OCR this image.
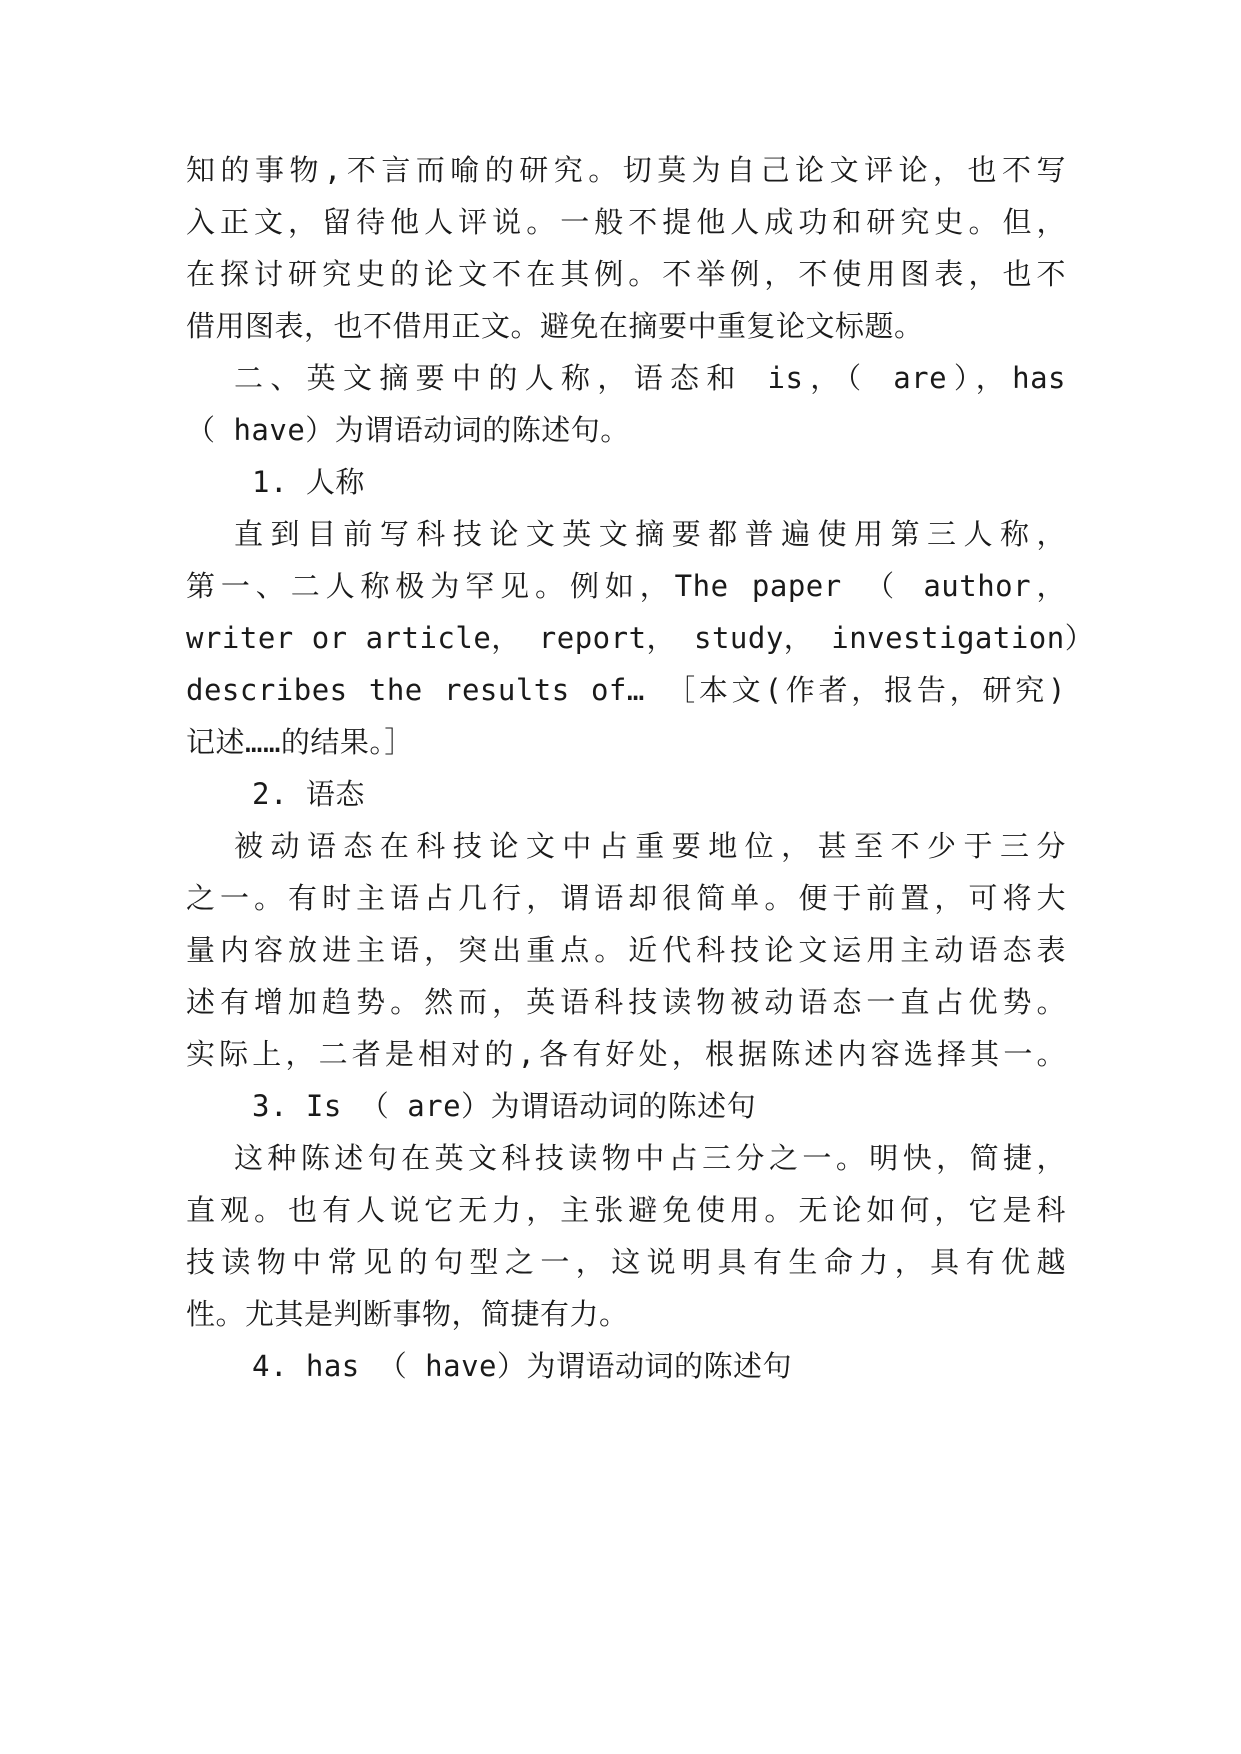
知的事物,不言而喻的研究。切莫为自己论文评论，也不写
入正文，留待他人评说。一般不提他人成功和研究史。但，
在探讨研究史的论文不在其例。不举例，不使用图表，也不
借用图表，也不借用正文。避免在摘要中重复论文标题。
二、英文摘要中的人称，语态和 is，（ are），has
（ have）为谓语动词的陈述句。
1. 人称
直到目前写科技论文英文摘要都普遍使用第三人称，
第一、二人称极为罕见。例如，The paper （ author，
writer or article， report， study， investigation）
describes the results of… ［本文(作者，报告，研究)
记述……的结果。］
2. 语态
被动语态在科技论文中占重要地位，甚至不少于三分
之一。有时主语占几行，谓语却很简单。便于前置，可将大
量内容放进主语，突出重点。近代科技论文运用主动语态表
述有增加趋势。然而，英语科技读物被动语态一直占优势。
实际上，二者是相对的,各有好处，根据陈述内容选择其一。
3. Is （ are）为谓语动词的陈述句
这种陈述句在英文科技读物中占三分之一。明快，简捷，
直观。也有人说它无力，主张避免使用。无论如何，它是科
技读物中常见的句型之一，这说明具有生命力，具有优越
性。尤其是判断事物，简捷有力。
4. has （ have）为谓语动词的陈述句
